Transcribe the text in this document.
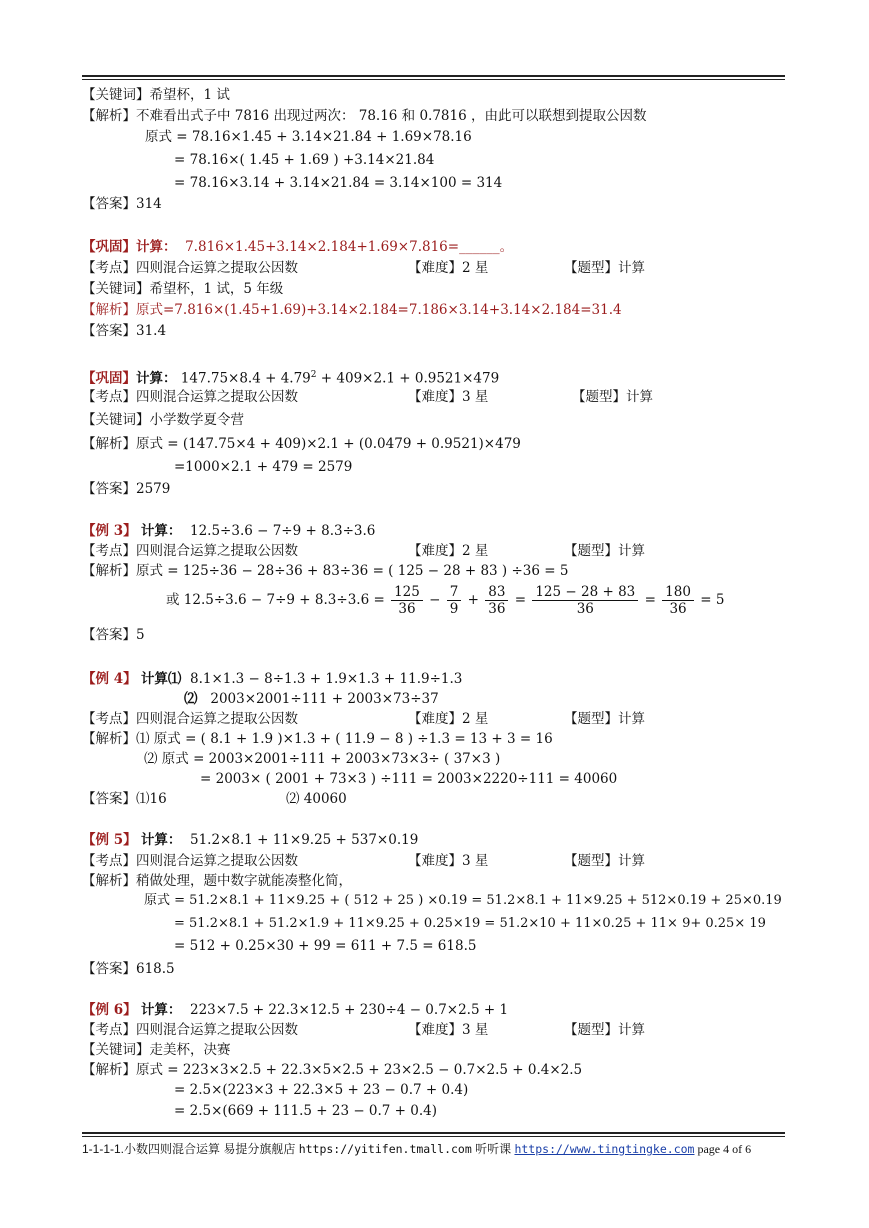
【关键词】希望杯，1 试
【解析】不难看出式子中 7816 出现过两次： 78.16 和 0.7816 ，由此可以联想到提取公因数
原式 = 78.16×1.45 + 3.14×21.84 + 1.69×78.16
= 78.16×( 1.45 + 1.69 ) +3.14×21.84
= 78.16×3.14 + 3.14×21.84 = 3.14×100 = 314
【答案】314
【巩固】计算： 7.816×1.45+3.14×2.184+1.69×7.816=______。
【考点】四则混合运算之提取公因数	【难度】2 星	【题型】计算
【关键词】希望杯，1 试，5 年级
【解析】原式=7.816×(1.45+1.69)+3.14×2.184=7.186×3.14+3.14×2.184=31.4
【答案】31.4
【巩固】计算： $147.75\times 8.4 + 4.79^2 + 409\times 2.1 + 0.9521\times 479$
【考点】四则混合运算之提取公因数	【难度】3 星	【题型】计算
【关键词】小学数学夏令营
【解析】原式 = (147.75×4 + 409)×2.1 + (0.0479 + 0.9521)×479
=1000×2.1 + 479 = 2579
【答案】2579
【例 3】 计算： 12.5÷3.6 − 7÷9 + 8.3÷3.6
【考点】四则混合运算之提取公因数	【难度】2 星	【题型】计算
【解析】原式 = 125÷36 − 28÷36 + 83÷36 = ( 125 − 28 + 83 ) ÷36 = 5
或 $12.5\div 3.6 - 7\div 9 + 8.3\div 3.6 = \frac{125}{36} - \frac{7}{9} + \frac{83}{36} = \frac{125 - 28 + 83}{36} = \frac{180}{36} = 5$
【答案】5
【例 4】 计算⑴ 8.1×1.3 − 8÷1.3 + 1.9×1.3 + 11.9÷1.3
⑵ 2003×2001÷111 + 2003×73÷37
【考点】四则混合运算之提取公因数	【难度】2 星	【题型】计算
【解析】⑴ 原式 = ( 8.1 + 1.9 )×1.3 + ( 11.9 − 8 ) ÷1.3 = 13 + 3 = 16
⑵ 原式 = 2003×2001÷111 + 2003×73×3÷ ( 37×3 )
= 2003× ( 2001 + 73×3 ) ÷111 = 2003×2220÷111 = 40060
【答案】⑴16	⑵ 40060
【例 5】 计算： 51.2×8.1 + 11×9.25 + 537×0.19
【考点】四则混合运算之提取公因数	【难度】3 星	【题型】计算
【解析】稍做处理，题中数字就能凑整化简，
原式 = 51.2×8.1 + 11×9.25 + ( 512 + 25 ) ×0.19 = 51.2×8.1 + 11×9.25 + 512×0.19 + 25×0.19
= 51.2×8.1 + 51.2×1.9 + 11×9.25 + 0.25×19 = 51.2×10 + 11×0.25 + 11× 9+ 0.25× 19
= 512 + 0.25×30 + 99 = 611 + 7.5 = 618.5
【答案】618.5
【例 6】 计算： 223×7.5 + 22.3×12.5 + 230÷4 − 0.7×2.5 + 1
【考点】四则混合运算之提取公因数	【难度】3 星	【题型】计算
【关键词】走美杯，决赛
【解析】原式 = 223×3×2.5 + 22.3×5×2.5 + 23×2.5 − 0.7×2.5 + 0.4×2.5
= 2.5×(223×3 + 22.3×5 + 23 − 0.7 + 0.4)
= 2.5×(669 + 111.5 + 23 − 0.7 + 0.4)
1-1-1-1.小数四则混合运算 易提分旗舰店 https://yitifen.tmall.com 听听课 https://www.tingtingke.com page 4 of 6
